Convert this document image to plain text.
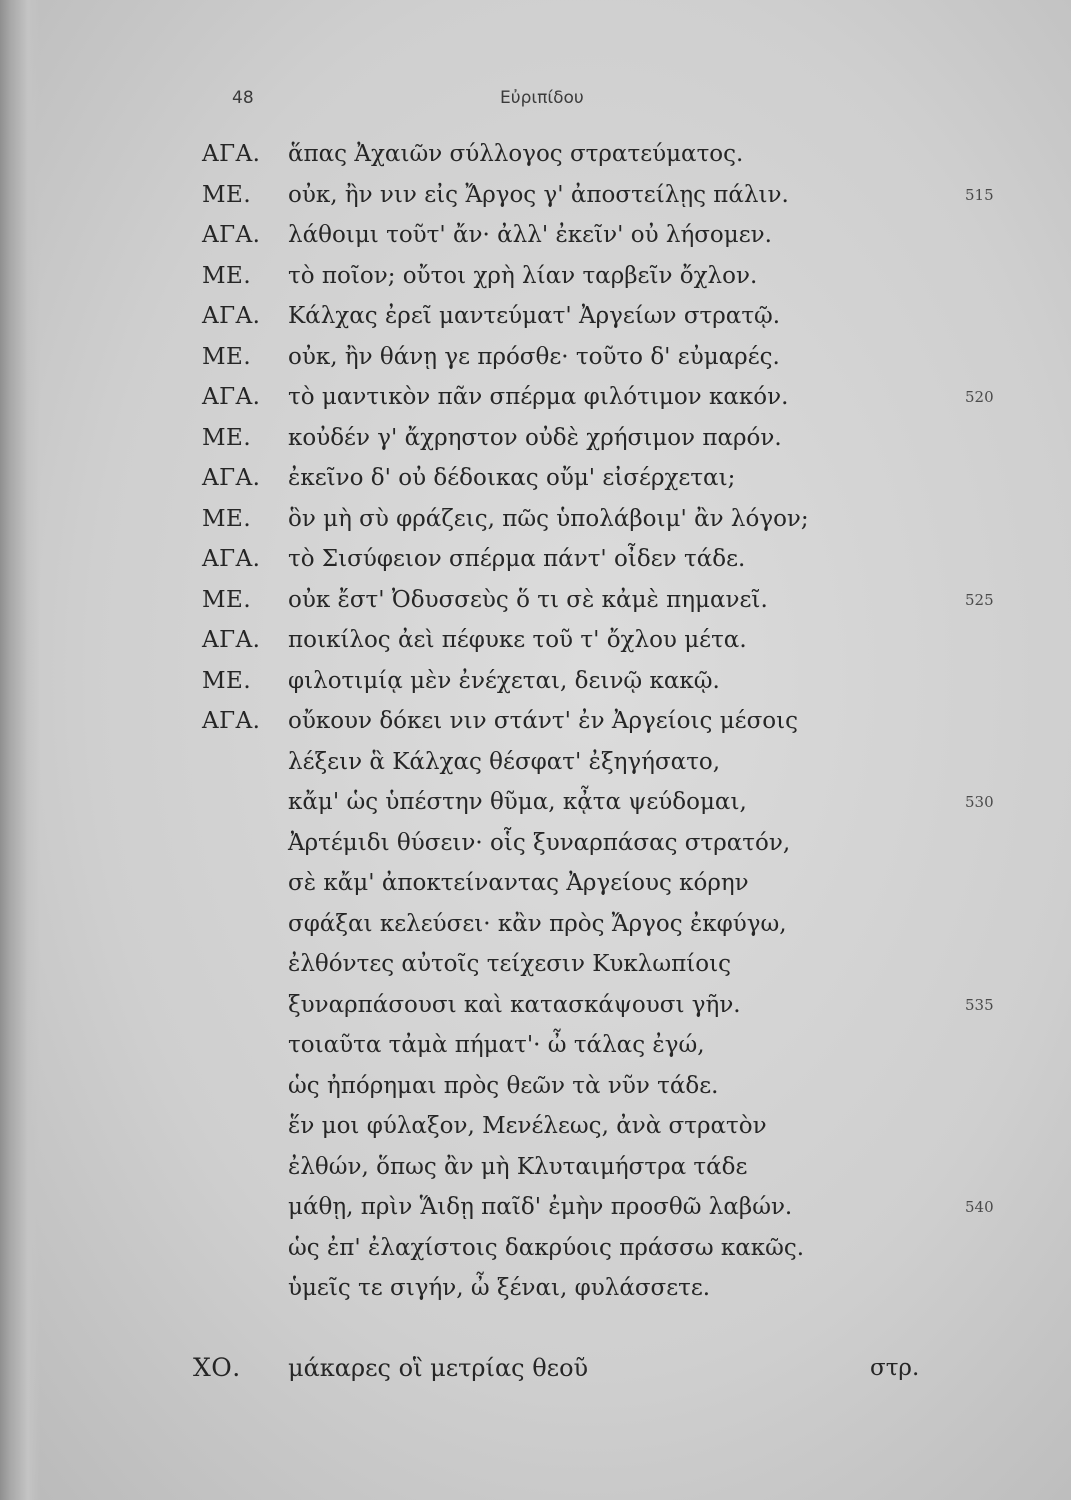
48	Εὐριπίδου
ΑΓΑ. ἅπας Ἀχαιῶν σύλλογος στρατεύματος.
ΜΕ. οὐκ, ἢν νιν εἰς Ἄργος γ' ἀποστείλῃς πάλιν.	515
ΑΓΑ. λάθοιμι τοῦτ' ἄν· ἀλλ' ἐκεῖν' οὐ λήσομεν.
ΜΕ. τὸ ποῖον; οὔτοι χρὴ λίαν ταρβεῖν ὄχλον.
ΑΓΑ. Κάλχας ἐρεῖ μαντεύματ' Ἀργείων στρατῷ.
ΜΕ. οὐκ, ἢν θάνῃ γε πρόσθε· τοῦτο δ' εὐμαρές.
ΑΓΑ. τὸ μαντικὸν πᾶν σπέρμα φιλότιμον κακόν.	520
ΜΕ. κοὐδέν γ' ἄχρηστον οὐδὲ χρήσιμον παρόν.
ΑΓΑ. ἐκεῖνο δ' οὐ δέδοικας οὔμ' εἰσέρχεται;
ΜΕ. ὃν μὴ σὺ φράζεις, πῶς ὑπολάβοιμ' ἂν λόγον;
ΑΓΑ. τὸ Σισύφειον σπέρμα πάντ' οἶδεν τάδε.
ΜΕ. οὐκ ἔστ' Ὀδυσσεὺς ὅ τι σὲ κἀμὲ πημανεῖ.	525
ΑΓΑ. ποικίλος ἀεὶ πέφυκε τοῦ τ' ὄχλου μέτα.
ΜΕ. φιλοτιμίᾳ μὲν ἐνέχεται, δεινῷ κακῷ.
ΑΓΑ. οὔκουν δόκει νιν στάντ' ἐν Ἀργείοις μέσοις
λέξειν ἃ Κάλχας θέσφατ' ἐξηγήσατο,
κἄμ' ὡς ὑπέστην θῦμα, κᾆτα ψεύδομαι,	530
Ἀρτέμιδι θύσειν· οἷς ξυναρπάσας στρατόν,
σὲ κἄμ' ἀποκτείναντας Ἀργείους κόρην
σφάξαι κελεύσει· κἂν πρὸς Ἄργος ἐκφύγω,
ἐλθόντες αὐτοῖς τείχεσιν Κυκλωπίοις
ξυναρπάσουσι καὶ κατασκάψουσι γῆν.	535
τοιαῦτα τἀμὰ πήματ'· ὦ τάλας ἐγώ,
ὡς ἠπόρημαι πρὸς θεῶν τὰ νῦν τάδε.
ἕν μοι φύλαξον, Μενέλεως, ἀνὰ στρατὸν
ἐλθών, ὅπως ἂν μὴ Κλυταιμήστρα τάδε
μάθῃ, πρὶν Ἅιδῃ παῖδ' ἐμὴν προσθῶ λαβών.	540
ὡς ἐπ' ἐλαχίστοις δακρύοις πράσσω κακῶς.
ὑμεῖς τε σιγήν, ὦ ξέναι, φυλάσσετε.
ΧΟ. μάκαρες οἳ μετρίας θεοῦ	στρ.
